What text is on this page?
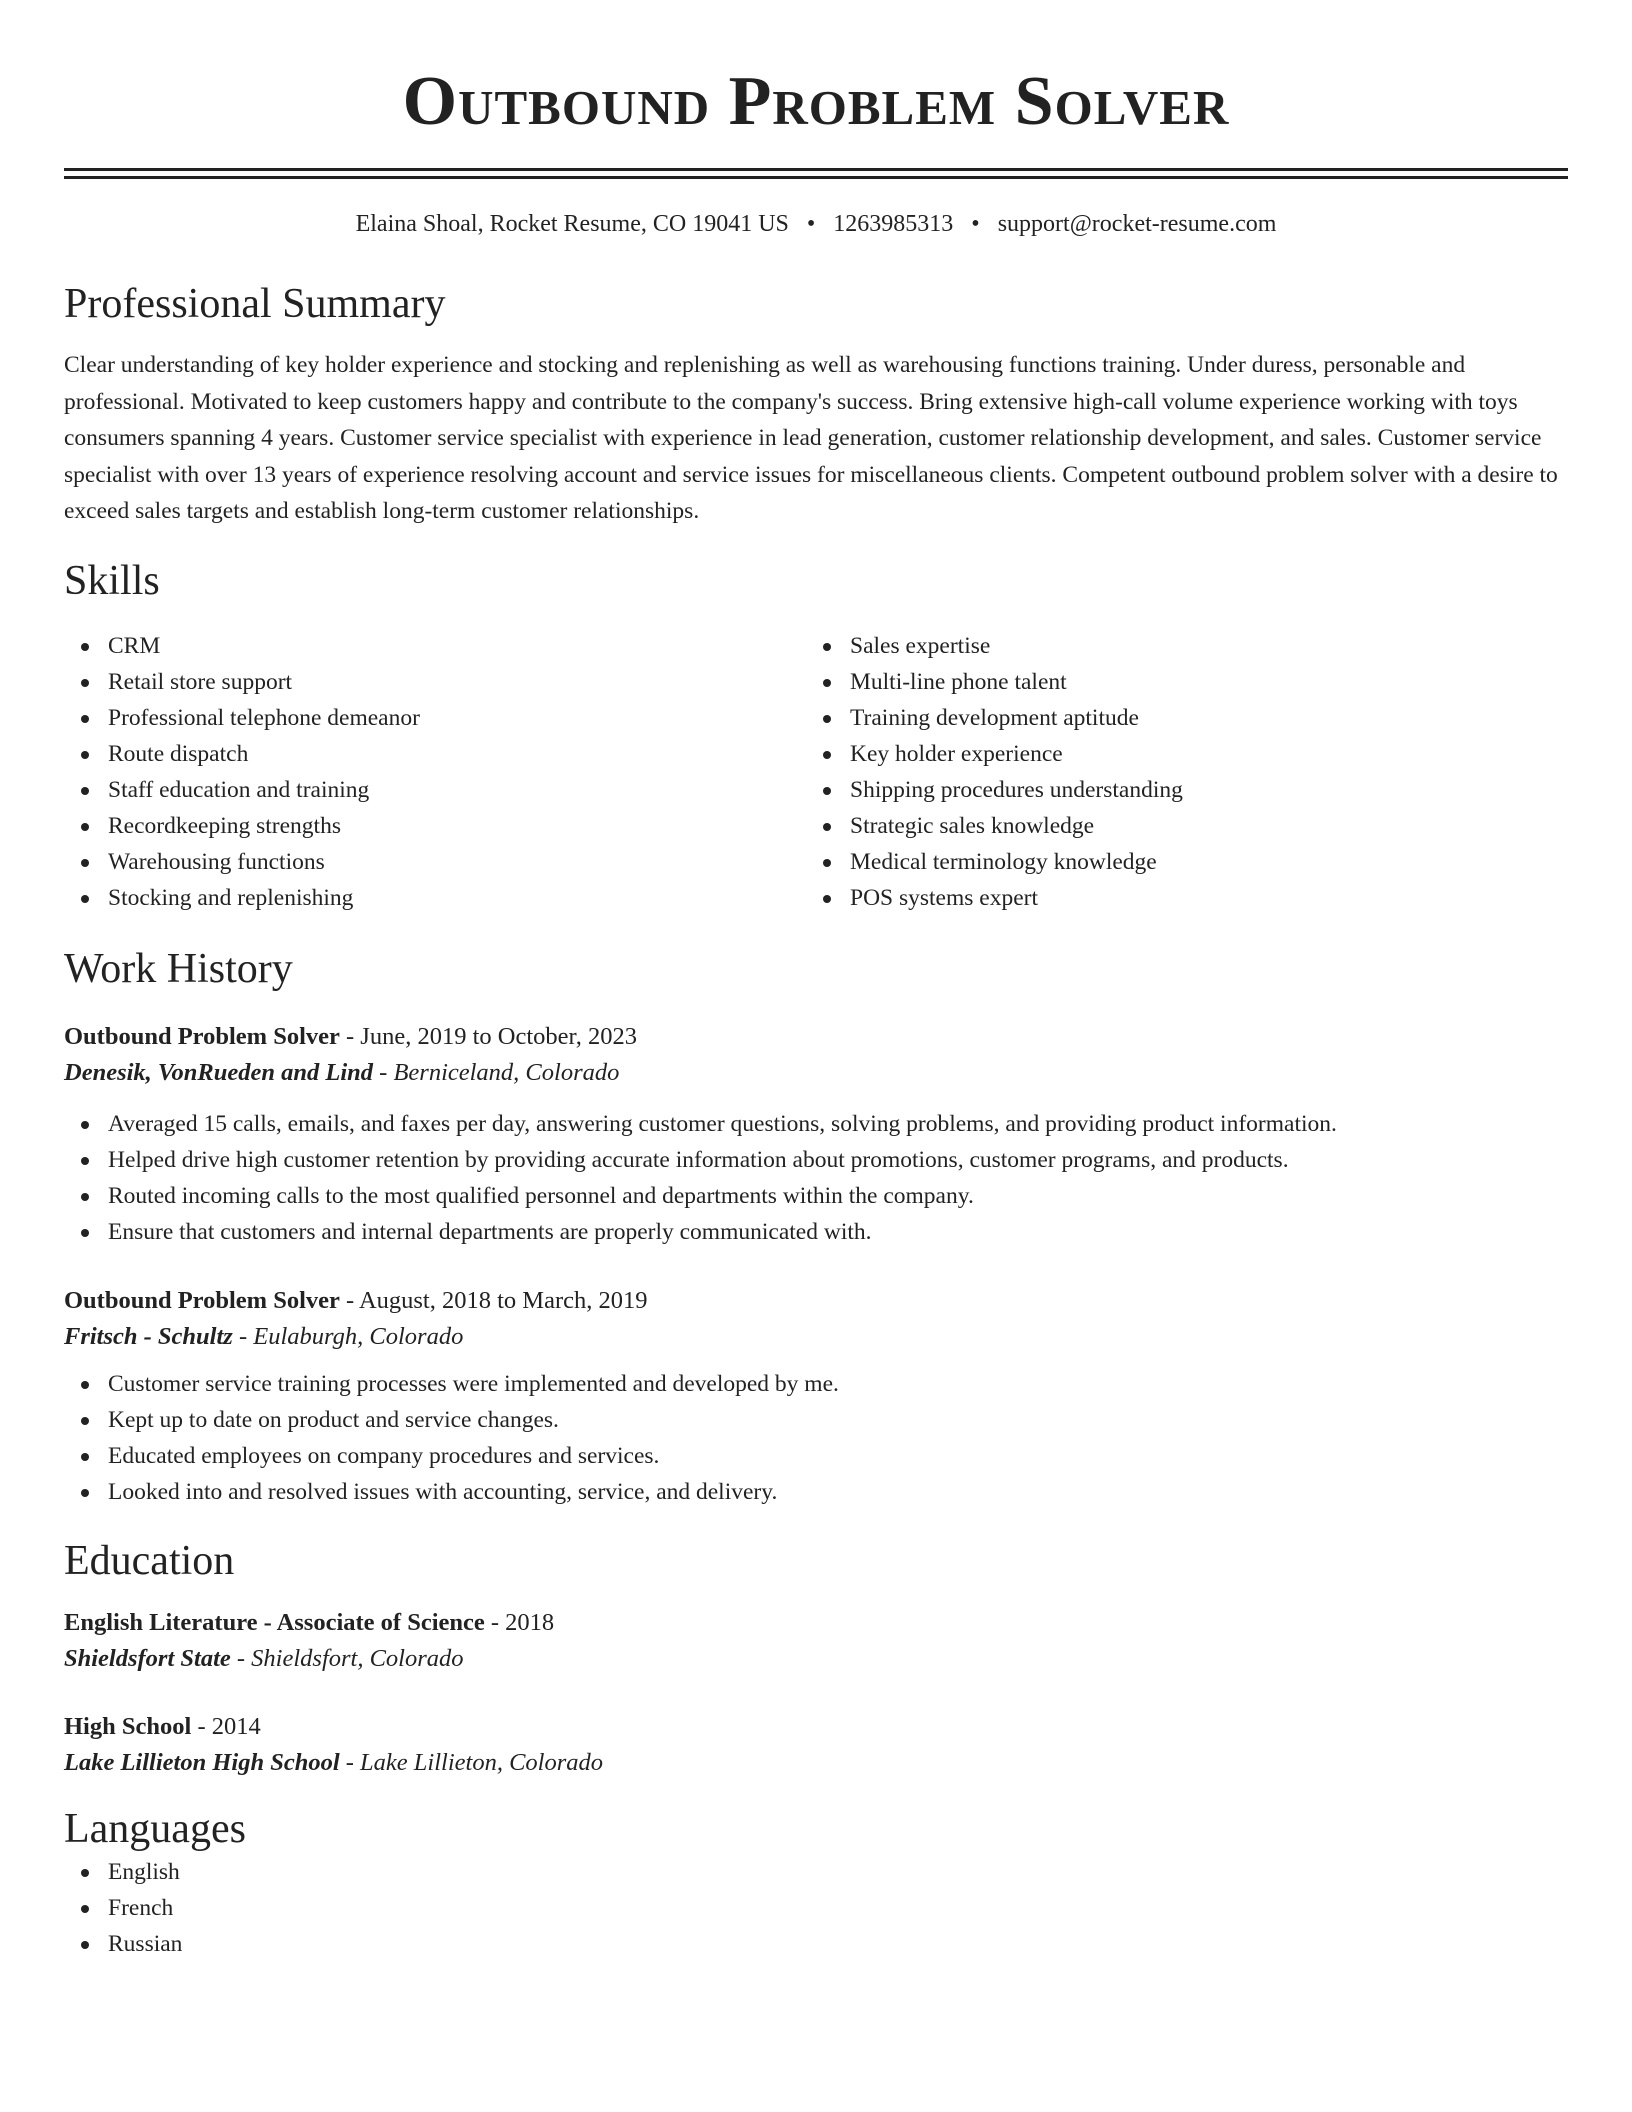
Outbound Problem Solver
Elaina Shoal, Rocket Resume, CO 19041 US • 1263985313 • support@rocket-resume.com
Professional Summary

Clear understanding of key holder experience and stocking and replenishing as well as warehousing functions training. Under duress, personable and professional. Motivated to keep customers happy and contribute to the company's success. Bring extensive high-call volume experience working with toys consumers spanning 4 years. Customer service specialist with experience in lead generation, customer relationship development, and sales. Customer service specialist with over 13 years of experience resolving account and service issues for miscellaneous clients. Competent outbound problem solver with a desire to exceed sales targets and establish long-term customer relationships.

Skills
CRM
Retail store support
Professional telephone demeanor
Route dispatch
Staff education and training
Recordkeeping strengths
Warehousing functions
Stocking and replenishing
Sales expertise
Multi-line phone talent
Training development aptitude
Key holder experience
Shipping procedures understanding
Strategic sales knowledge
Medical terminology knowledge
POS systems expert
Work History
Outbound Problem Solver - June, 2019 to October, 2023
Denesik, VonRueden and Lind - Berniceland, Colorado
Averaged 15 calls, emails, and faxes per day, answering customer questions, solving problems, and providing product information.
Helped drive high customer retention by providing accurate information about promotions, customer programs, and products.
Routed incoming calls to the most qualified personnel and departments within the company.
Ensure that customers and internal departments are properly communicated with.
Outbound Problem Solver - August, 2018 to March, 2019
Fritsch - Schultz - Eulaburgh, Colorado
Customer service training processes were implemented and developed by me.
Kept up to date on product and service changes.
Educated employees on company procedures and services.
Looked into and resolved issues with accounting, service, and delivery.
Education
English Literature - Associate of Science - 2018
Shieldsfort State - Shieldsfort, Colorado
High School - 2014
Lake Lillieton High School - Lake Lillieton, Colorado
Languages
English
French
Russian
